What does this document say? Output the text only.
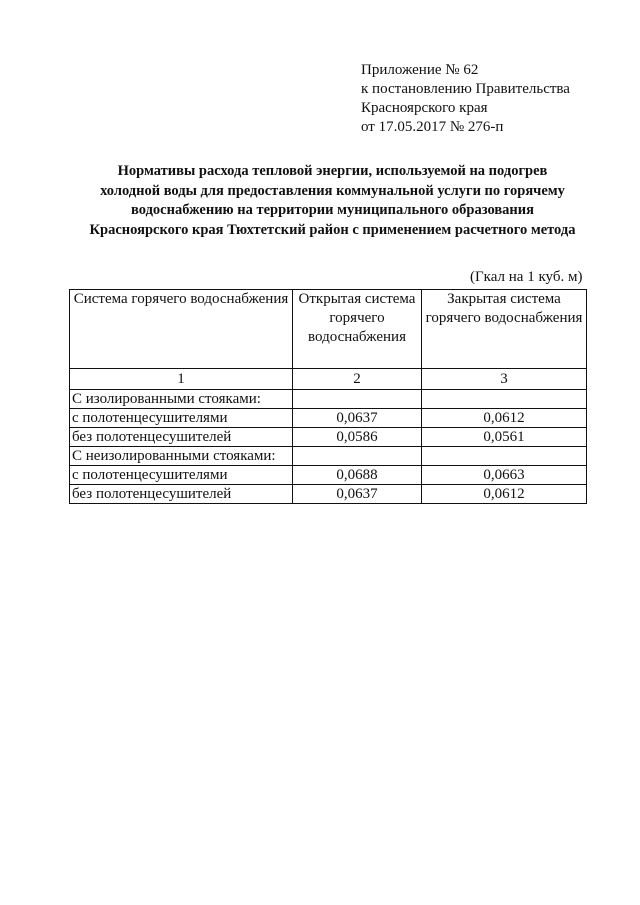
Приложение № 62
к постановлению Правительства
Красноярского края
от 17.05.2017 № 276-п
Нормативы расхода тепловой энергии, используемой на подогрев
холодной воды для предоставления коммунальной услуги по горячему
водоснабжению на территории муниципального образования
Красноярского края Тюхтетский район с применением расчетного метода
(Гкал на 1 куб. м)
Система горячего водоснабжения	Открытая система горячего водоснабжения	Закрытая система горячего водоснабжения
1	2	3
С изолированными стояками:		
с полотенцесушителями	0,0637	0,0612
без полотенцесушителей	0,0586	0,0561
С неизолированными стояками:		
с полотенцесушителями	0,0688	0,0663
без полотенцесушителей	0,0637	0,0612
